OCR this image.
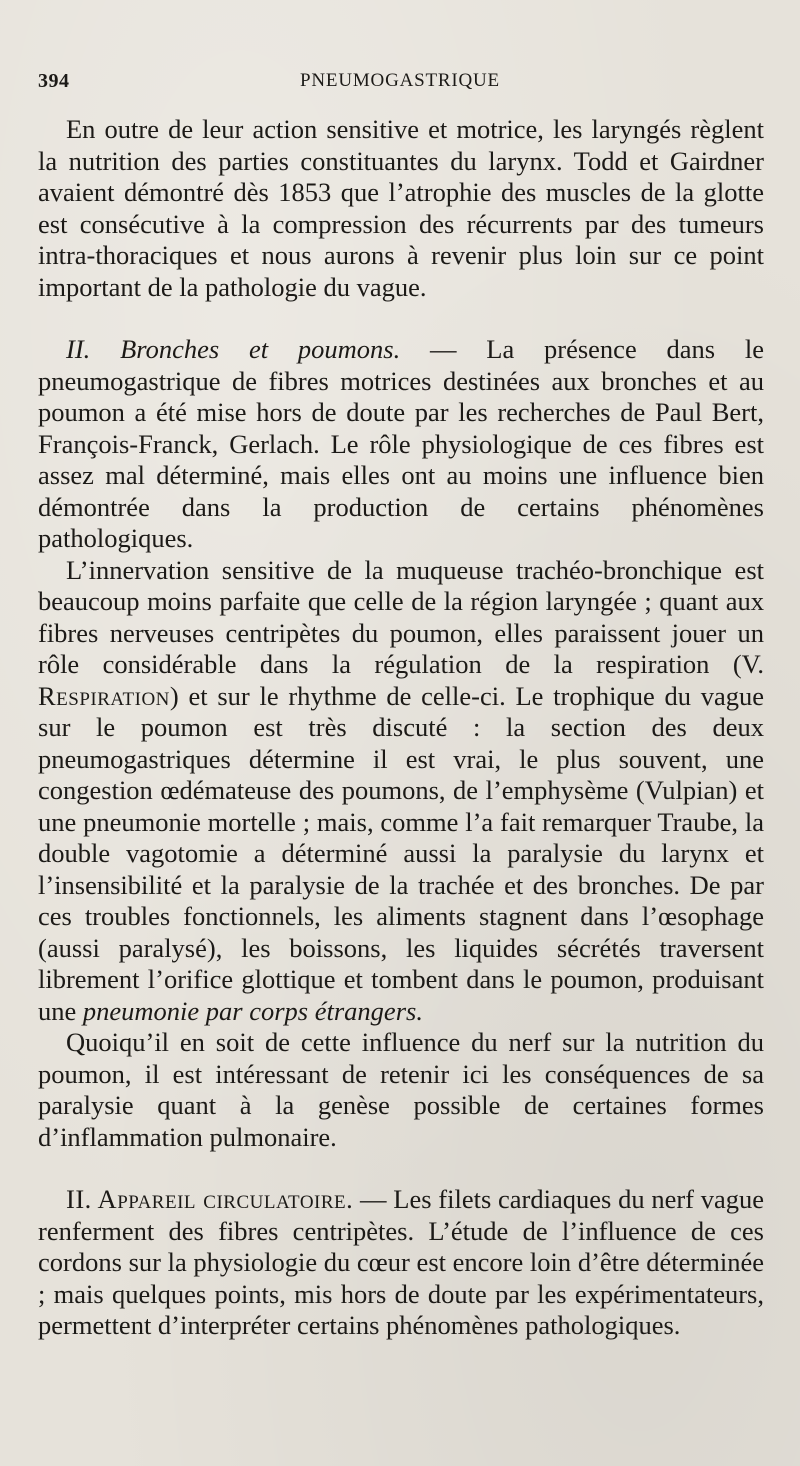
394	PNEUMOGASTRIQUE

En outre de leur action sensitive et motrice, les laryngés règlent la nutrition des parties constituantes du larynx. Todd et Gairdner avaient démontré dès 1853 que l’atrophie des muscles de la glotte est consécutive à la compression des récurrents par des tumeurs intra-thoraciques et nous aurons à revenir plus loin sur ce point important de la pathologie du vague.

II. Bronches et poumons. — La présence dans le pneumogastrique de fibres motrices destinées aux bronches et au poumon a été mise hors de doute par les recherches de Paul Bert, François-Franck, Gerlach. Le rôle physiologique de ces fibres est assez mal déterminé, mais elles ont au moins une influence bien démontrée dans la production de certains phénomènes pathologiques.

L’innervation sensitive de la muqueuse trachéo-bronchique est beaucoup moins parfaite que celle de la région laryngée ; quant aux fibres nerveuses centripètes du poumon, elles paraissent jouer un rôle considérable dans la régulation de la respiration (V. Respiration) et sur le rhythme de celle-ci. Le trophique du vague sur le poumon est très discuté : la section des deux pneumogastriques détermine il est vrai, le plus souvent, une congestion œdémateuse des poumons, de l’emphysème (Vulpian) et une pneumonie mortelle ; mais, comme l’a fait remarquer Traube, la double vagotomie a déterminé aussi la paralysie du larynx et l’insensibilité et la paralysie de la trachée et des bronches. De par ces troubles fonctionnels, les aliments stagnent dans l’œsophage (aussi paralysé), les boissons, les liquides sécrétés traversent librement l’orifice glottique et tombent dans le poumon, produisant une pneumonie par corps étrangers.

Quoiqu’il en soit de cette influence du nerf sur la nutrition du poumon, il est intéressant de retenir ici les conséquences de sa paralysie quant à la genèse possible de certaines formes d’inflammation pulmonaire.

II. Appareil circulatoire. — Les filets cardiaques du nerf vague renferment des fibres centripètes. L’étude de l’influence de ces cordons sur la physiologie du cœur est encore loin d’être déterminée ; mais quelques points, mis hors de doute par les expérimentateurs, permettent d’interpréter certains phénomènes pathologiques.
